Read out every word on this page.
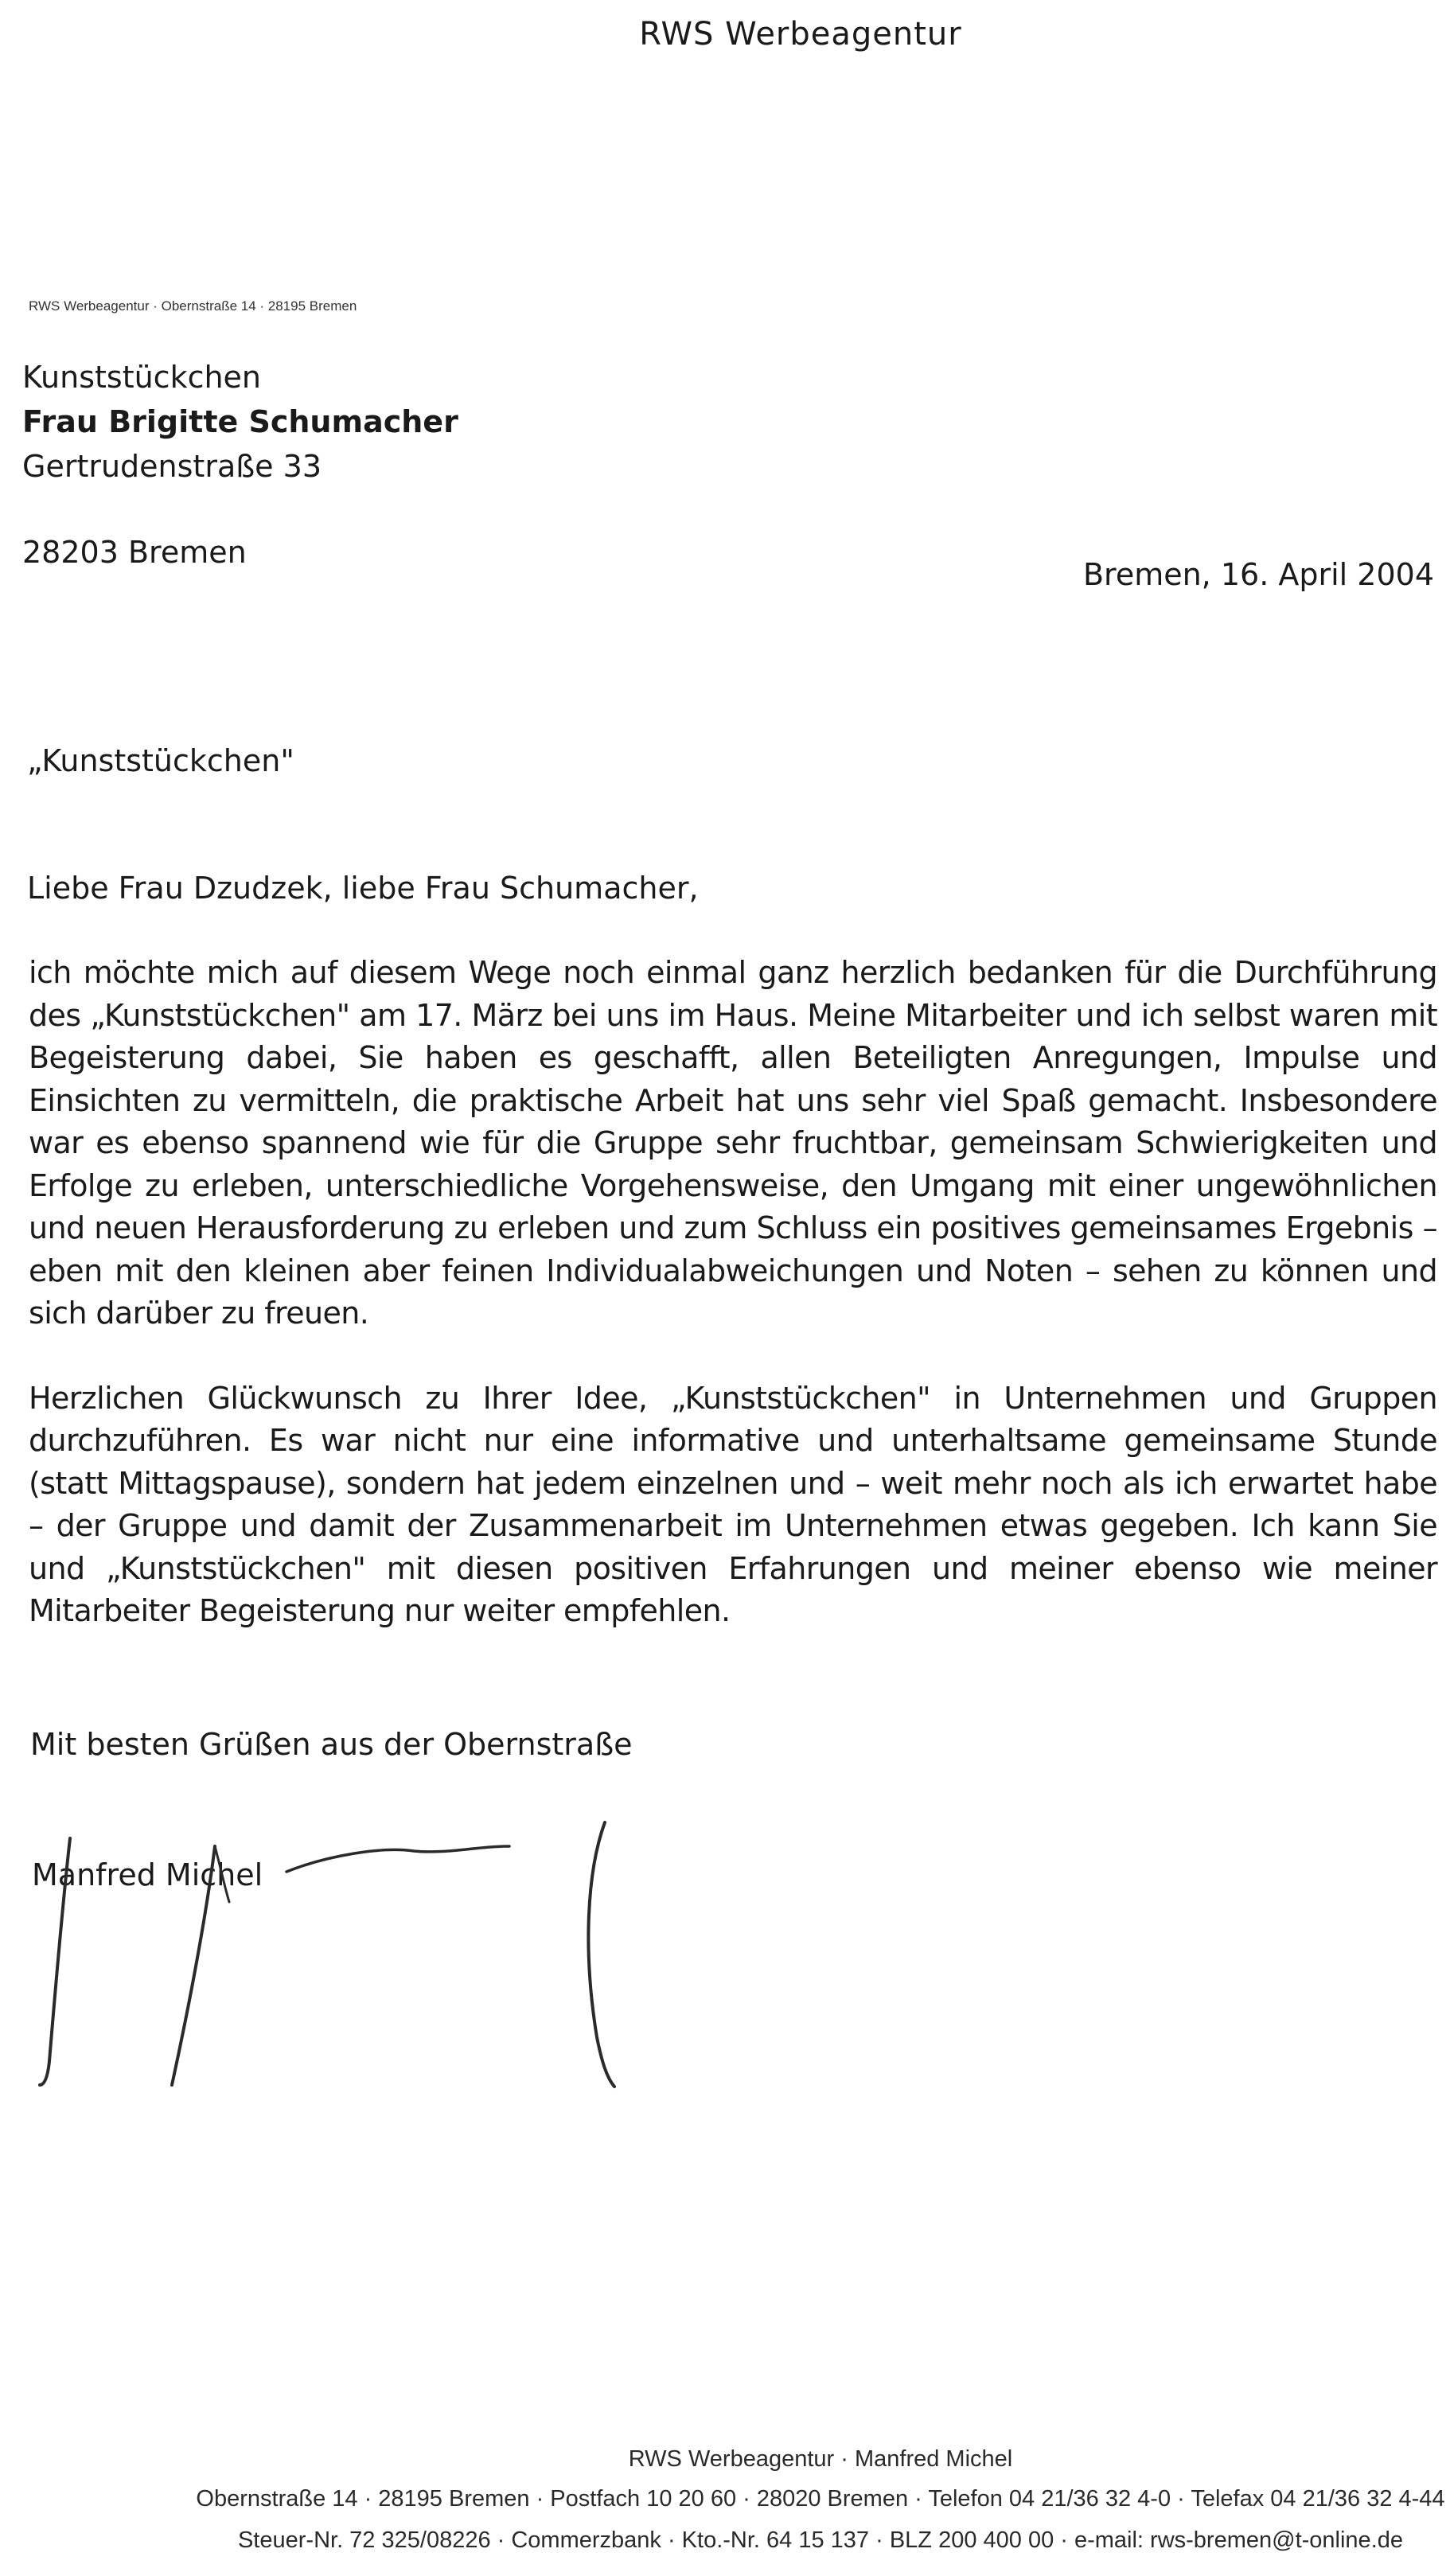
RWS Werbeagentur
RWS Werbeagentur · Obernstraße 14 · 28195 Bremen
Kunststückchen
Frau Brigitte Schumacher
Gertrudenstraße 33
28203 Bremen
Bremen, 16. April 2004
„Kunststückchen"
Liebe Frau Dzudzek, liebe Frau Schumacher,

ich möchte mich auf diesem Wege noch einmal ganz herzlich bedanken für die Durchführung des „Kunststückchen" am 17. März bei uns im Haus. Meine Mitarbeiter und ich selbst waren mit Begeisterung dabei, Sie haben es geschafft, allen Beteiligten Anregungen, Impulse und Einsichten zu vermitteln, die praktische Arbeit hat uns sehr viel Spaß gemacht. Insbesondere war es ebenso spannend wie für die Gruppe sehr fruchtbar, gemeinsam Schwierigkeiten und Erfolge zu erleben, unterschiedliche Vorgehensweise, den Umgang mit einer ungewöhnlichen und neuen Herausforderung zu erleben und zum Schluss ein positives gemeinsames Ergebnis – eben mit den kleinen aber feinen Individualabweichungen und Noten – sehen zu können und sich darüber zu freuen.

Herzlichen Glückwunsch zu Ihrer Idee, „Kunststückchen" in Unternehmen und Gruppen durchzuführen. Es war nicht nur eine informative und unterhaltsame gemeinsame Stunde (statt Mittagspause), sondern hat jedem einzelnen und – weit mehr noch als ich erwartet habe – der Gruppe und damit der Zusammenarbeit im Unternehmen etwas gegeben. Ich kann Sie und „Kunststückchen" mit diesen positiven Erfahrungen und meiner ebenso wie meiner Mitarbeiter Begeisterung nur weiter empfehlen.

Mit besten Grüßen aus der Obernstraße
Manfred Michel
RWS Werbeagentur · Manfred Michel
Obernstraße 14 · 28195 Bremen · Postfach 10 20 60 · 28020 Bremen · Telefon 04 21/36 32 4-0 · Telefax 04 21/36 32 4-44
Steuer-Nr. 72 325/08226 · Commerzbank · Kto.-Nr. 64 15 137 · BLZ 200 400 00 · e-mail: rws-bremen@t-online.de
